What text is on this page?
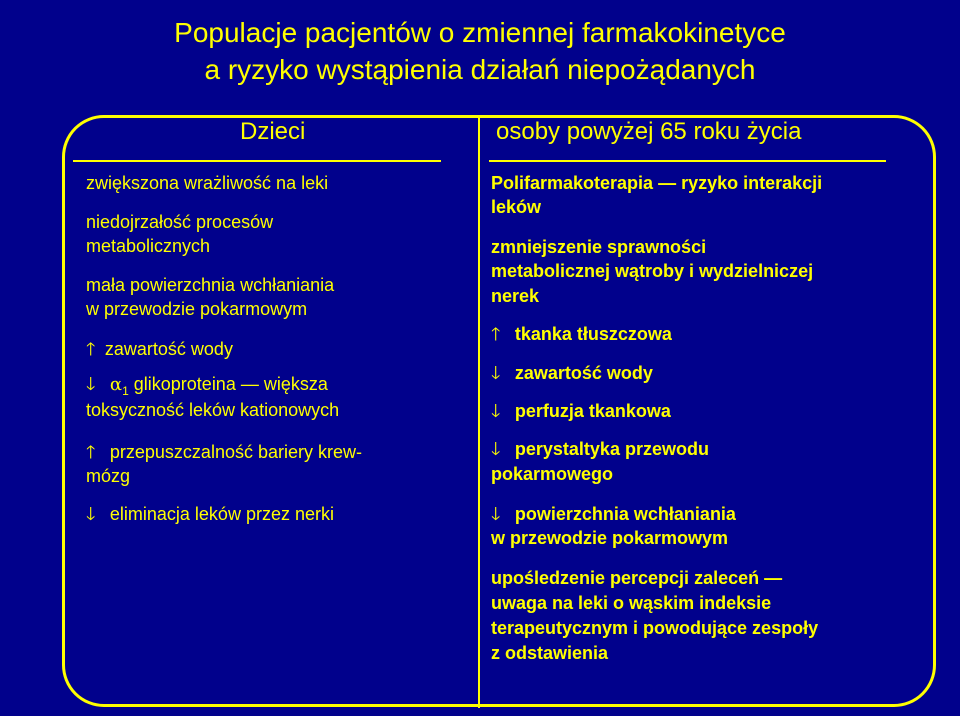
Populacje pacjentów o zmiennej farmakokinetyce
a ryzyko wystąpienia działań niepożądanych
Dzieci	osoby powyżej 65 roku życia
zwiększona wrażliwość na leki
niedojrzałość procesów
metabolicznych
mała powierzchnia wchłaniania
w przewodzie pokarmowym
🡑 zawartość wody
🡓 $\alpha_1$ glikoproteina — większa
toksyczność leków kationowych
🡑 przepuszczalność bariery krew-
mózg
🡓 eliminacja leków przez nerki
Polifarmakoterapia — ryzyko interakcji
leków
zmniejszenie sprawności
metabolicznej wątroby i wydzielniczej
nerek
🡑 tkanka tłuszczowa
🡓 zawartość wody
🡓 perfuzja tkankowa
🡓 perystaltyka przewodu
pokarmowego
🡓 powierzchnia wchłaniania
w przewodzie pokarmowym
upośledzenie percepcji zaleceń —
uwaga na leki o wąskim indeksie
terapeutycznym i powodujące zespoły
z odstawienia
